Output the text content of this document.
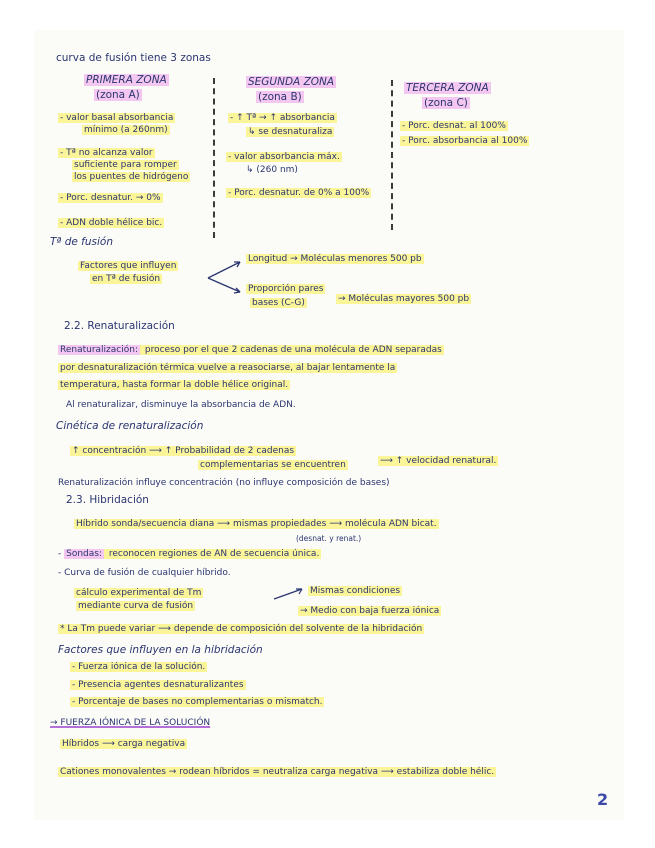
curva de fusión tiene 3 zonas
PRIMERA ZONA
(zona A)
SEGUNDA ZONA
(zona B)
TERCERA ZONA
(zona C)
- valor basal absorbancia
mínimo (a 260nm)
- Tª no alcanza valor
suficiente para romper
los puentes de hidrógeno
- Porc. desnatur. → 0%
- ADN doble hélice bic.
- ↑ Tª → ↑ absorbancia
↳ se desnaturaliza
- valor absorbancia máx.
↳ (260 nm)
- Porc. desnatur. de 0% a 100%
- Porc. desnat. al 100%
- Porc. absorbancia al 100%
Tª de fusión
Factores que influyen
en Tª de fusión
Longitud → Moléculas menores 500 pb
Proporción pares
bases (C-G)	→ Moléculas mayores 500 pb
2.2. Renaturalización
Renaturalización: proceso por el que 2 cadenas de una molécula de ADN separadas
por desnaturalización térmica vuelve a reasociarse, al bajar lentamente la
temperatura, hasta formar la doble hélice original.
Al renaturalizar, disminuye la absorbancia de ADN.
Cinética de renaturalización
↑ concentración ⟶ ↑ Probabilidad de 2 cadenas
complementarias se encuentren	⟶ ↑ velocidad renatural.
Renaturalización influye concentración (no influye composición de bases)
2.3. Hibridación
Híbrido sonda/secuencia diana ⟶ mismas propiedades ⟶ molécula ADN bicat.
(desnat. y renat.)
- Sondas: reconocen regiones de AN de secuencia única.
- Curva de fusión de cualquier híbrido.
cálculo experimental de Tm
mediante curva de fusión
Mismas condiciones
→ Medio con baja fuerza iónica
* La Tm puede variar ⟶ depende de composición del solvente de la hibridación
Factores que influyen en la hibridación
- Fuerza iónica de la solución.
- Presencia agentes desnaturalizantes
- Porcentaje de bases no complementarias o mismatch.
→ FUERZA IÓNICA DE LA SOLUCIÓN
Híbridos ⟶ carga negativa
Cationes monovalentes → rodean híbridos = neutraliza carga negativa ⟶ estabiliza doble hélic.
2
